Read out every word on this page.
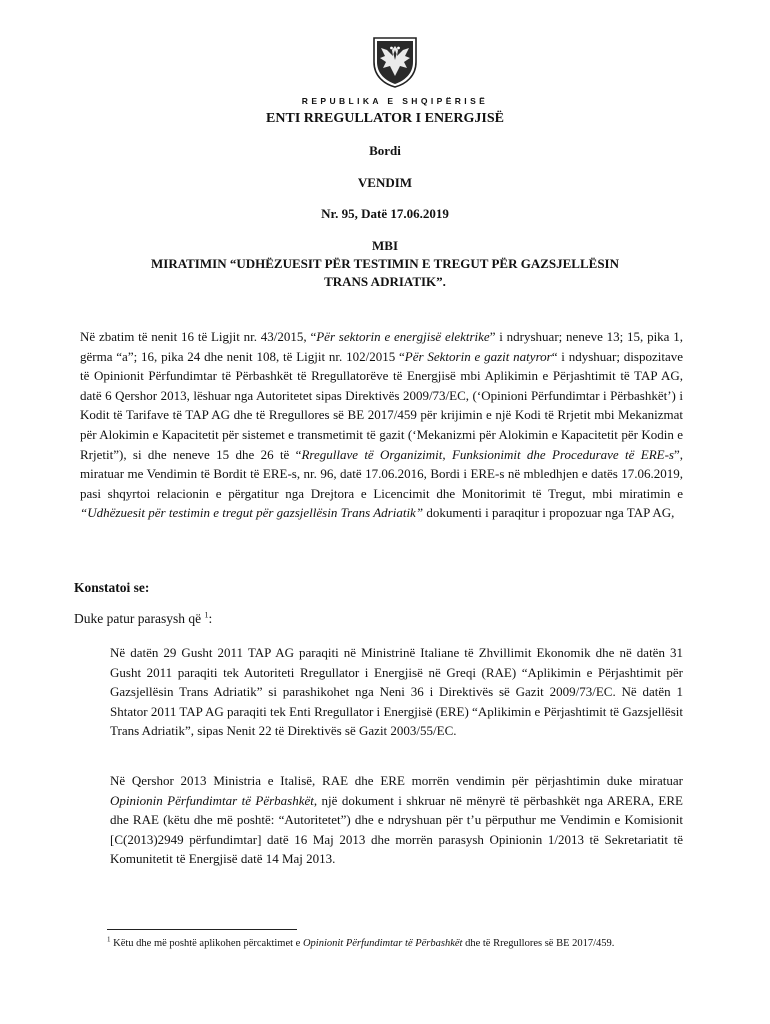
REPUBLIKA E SHQIPËRISË
ENTI RREGULLATOR I ENERGJISË
Bordi
VENDIM
Nr. 95, Datë 17.06.2019
MBI
MIRATIMIN “UDHËZUESIT PËR TESTIMIN E TREGUT PËR GAZSJELLËSIN
TRANS ADRIATIK”.
Në zbatim të nenit 16 të Ligjit nr. 43/2015, “Për sektorin e energjisë elektrike” i ndryshuar; neneve 13; 15, pika 1, gërma “a”; 16, pika 24 dhe nenit 108, të Ligjit nr. 102/2015 “Për Sektorin e gazit natyror“ i ndyshuar; dispozitave të Opinionit Përfundimtar të Përbashkët të Rregullatorëve të Energjisë mbi Aplikimin e Përjashtimit të TAP AG, datë 6 Qershor 2013, lëshuar nga Autoritetet sipas Direktivës 2009/73/EC, (‘Opinioni Përfundimtar i Përbashkët’) i Kodit të Tarifave të TAP AG dhe të Rregullores së BE 2017/459 për krijimin e një Kodi të Rrjetit mbi Mekanizmat për Alokimin e Kapacitetit për sistemet e transmetimit të gazit (‘Mekanizmi për Alokimin e Kapacitetit për Kodin e Rrjetit”), si dhe neneve 15 dhe 26 të “Rregullave të Organizimit, Funksionimit dhe Procedurave të ERE-s”, miratuar me Vendimin të Bordit të ERE-s, nr. 96, datë 17.06.2016, Bordi i ERE-s në mbledhjen e datës 17.06.2019, pasi shqyrtoi relacionin e përgatitur nga Drejtora e Licencimit dhe Monitorimit të Tregut, mbi miratimin e “Udhëzuesit për testimin e tregut për gazsjellësin Trans Adriatik” dokumenti i paraqitur i propozuar nga TAP AG,
Konstatoi se:
Duke patur parasysh që $^1$:
Në datën 29 Gusht 2011 TAP AG paraqiti në Ministrinë Italiane të Zhvillimit Ekonomik dhe në datën 31 Gusht 2011 paraqiti tek Autoriteti Rregullator i Energjisë në Greqi (RAE) “Aplikimin e Përjashtimit për Gazsjellësin Trans Adriatik” si parashikohet nga Neni 36 i Direktivës së Gazit 2009/73/EC. Në datën 1 Shtator 2011 TAP AG paraqiti tek Enti Rregullator i Energjisë (ERE) “Aplikimin e Përjashtimit të Gazsjellësit Trans Adriatik”, sipas Nenit 22 të Direktivës së Gazit 2003/55/EC.
Në Qershor 2013 Ministria e Italisë, RAE dhe ERE morrën vendimin për përjashtimin duke miratuar Opinionin Përfundimtar të Përbashkët, një dokument i shkruar në mënyrë të përbashkët nga ARERA, ERE dhe RAE (këtu dhe më poshtë: “Autoritetet”) dhe e ndryshuan për t’u përputhur me Vendimin e Komisionit [C(2013)2949 përfundimtar] datë 16 Maj 2013 dhe morrën parasysh Opinionin 1/2013 të Sekretariatit të Komunitetit të Energjisë datë 14 Maj 2013.
$^1$ Këtu dhe më poshtë aplikohen përcaktimet e Opinionit Përfundimtar të Përbashkët dhe të Rregullores së BE 2017/459.
